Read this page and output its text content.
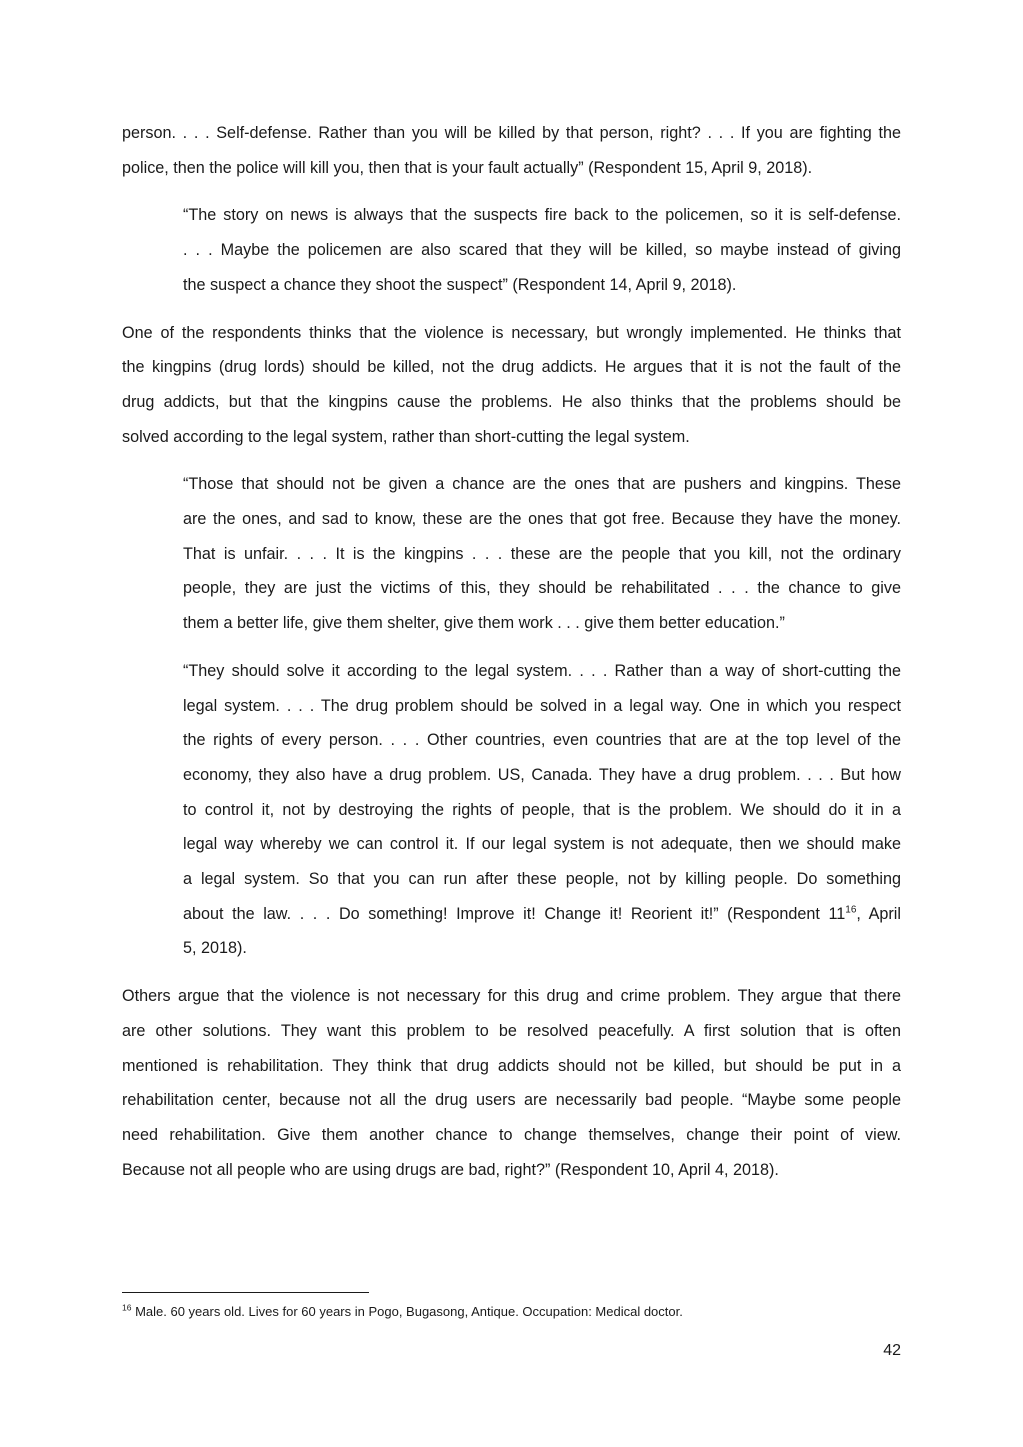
person. . . . Self-defense. Rather than you will be killed by that person, right? . . . If you are fighting the
police, then the police will kill you, then that is your fault actually” (Respondent 15, April 9, 2018).
“The story on news is always that the suspects fire back to the policemen, so it is self-defense.
. . . Maybe the policemen are also scared that they will be killed, so maybe instead of giving
the suspect a chance they shoot the suspect” (Respondent 14, April 9, 2018).
One of the respondents thinks that the violence is necessary, but wrongly implemented. He thinks that
the kingpins (drug lords) should be killed, not the drug addicts. He argues that it is not the fault of the
drug addicts, but that the kingpins cause the problems. He also thinks that the problems should be
solved according to the legal system, rather than short-cutting the legal system.
“Those that should not be given a chance are the ones that are pushers and kingpins. These
are the ones, and sad to know, these are the ones that got free. Because they have the money.
That is unfair. . . . It is the kingpins . . . these are the people that you kill, not the ordinary
people, they are just the victims of this, they should be rehabilitated . . . the chance to give
them a better life, give them shelter, give them work . . . give them better education.”
“They should solve it according to the legal system. . . . Rather than a way of short-cutting the
legal system. . . . The drug problem should be solved in a legal way. One in which you respect
the rights of every person. . . . Other countries, even countries that are at the top level of the
economy, they also have a drug problem. US, Canada. They have a drug problem. . . . But how
to control it, not by destroying the rights of people, that is the problem. We should do it in a
legal way whereby we can control it. If our legal system is not adequate, then we should make
a legal system. So that you can run after these people, not by killing people. Do something
about the law. . . . Do something! Improve it! Change it! Reorient it!” (Respondent $11^{16}$, April
5, 2018).
Others argue that the violence is not necessary for this drug and crime problem. They argue that there
are other solutions. They want this problem to be resolved peacefully. A first solution that is often
mentioned is rehabilitation. They think that drug addicts should not be killed, but should be put in a
rehabilitation center, because not all the drug users are necessarily bad people. “Maybe some people
need rehabilitation. Give them another chance to change themselves, change their point of view.
Because not all people who are using drugs are bad, right?” (Respondent 10, April 4, 2018).
$^{16}$ Male. 60 years old. Lives for 60 years in Pogo, Bugasong, Antique. Occupation: Medical doctor.
42
